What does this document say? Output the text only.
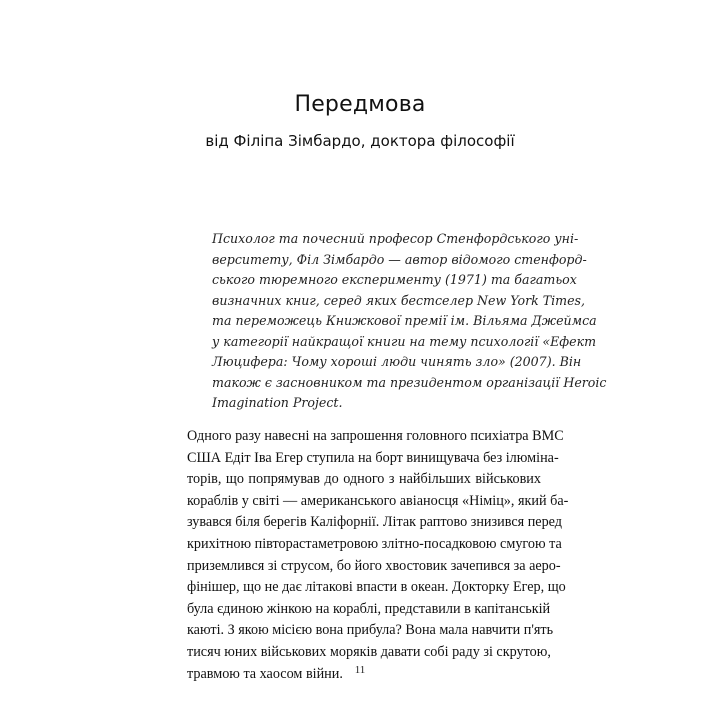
Передмова
від Філіпа Зімбардо, доктора філософії
Психолог та почесний професор Стенфордського уні-
верситету, Філ Зімбардо — автор відомого стенфорд-
ського тюремного експерименту (1971) та багатьох
визначних книг, серед яких бестселер New York Times,
та переможець Книжкової премії ім. Вільяма Джеймса
у категорії найкращої книги на тему психології «Ефект
Люцифера: Чому хороші люди чинять зло» (2007). Він
також є засновником та президентом організації Heroic
Imagination Project.
Одного разу навесні на запрошення головного психіатра ВМС
США Едіт Іва Егер ступила на борт винищувача без ілюміна-
торів, що попрямував до одного з найбільших військових
кораблів у світі — американського авіаносця «Німіц», який ба-
зувався біля берегів Каліфорнії. Літак раптово знизився перед
крихітною півторастаметровою злітно-посадковою смугою та
приземлився зі струсом, бо його хвостовик зачепився за аеро-
фінішер, що не дає літакові впасти в океан. Докторку Егер, що
була єдиною жінкою на кораблі, представили в капітанській
каюті. З якою місією вона прибула? Вона мала навчити п'ять
тисяч юних військових моряків давати собі раду зі скрутою,
травмою та хаосом війни.	11
